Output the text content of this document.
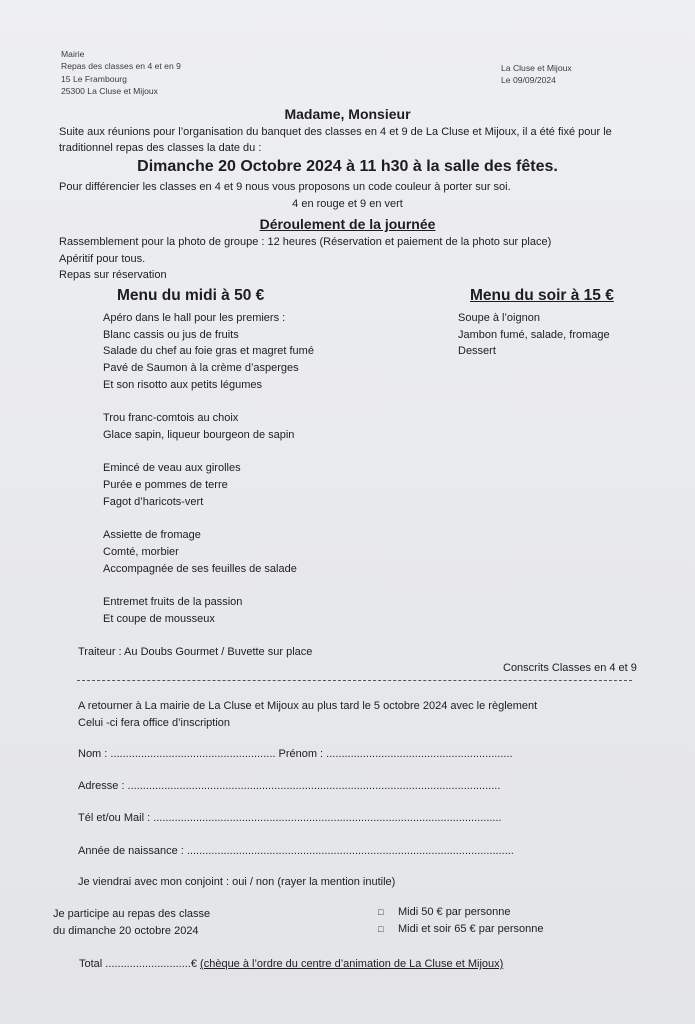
Mairie
Repas des classes en 4 et en 9
15 Le Frambourg
25300 La Cluse et Mijoux
La Cluse et Mijoux
Le 09/09/2024
Madame, Monsieur
Suite aux réunions pour l’organisation du banquet des classes en 4 et 9 de La Cluse et Mijoux, il a été fixé pour le traditionnel repas des classes la date du :
Dimanche 20 Octobre 2024 à 11 h30 à la salle des fêtes.
Pour différencier les classes en 4 et 9 nous vous proposons un code couleur à porter sur soi.
4 en rouge et 9 en vert
Déroulement de la journée
Rassemblement pour la photo de groupe : 12 heures (Réservation et paiement de la photo sur place)
Apéritif pour tous.
Repas sur réservation
Menu du midi à 50 €	Menu du soir à 15 €
Apéro dans le hall pour les premiers :
Blanc cassis ou jus de fruits
Salade du chef au foie gras et magret fumé
Pavé de Saumon à la crème d’asperges
Et son risotto aux petits légumes

Trou franc-comtois au choix
Glace sapin, liqueur bourgeon de sapin

Emincé de veau aux girolles
Purée e pommes de terre
Fagot d’haricots-vert

Assiette de fromage
Comté, morbier
Accompagnée de ses feuilles de salade

Entremet fruits de la passion
Et coupe de mousseux
Soupe à l’oignon
Jambon fumé, salade, fromage
Dessert
Traiteur : Au Doubs Gourmet / Buvette sur place
Conscrits Classes en 4 et 9
A retourner à La mairie de La Cluse et Mijoux au plus tard le 5 octobre 2024 avec le règlement
Celui -ci fera office d’inscription
Nom : ...................................................... Prénom : .............................................................
Adresse : ..........................................................................................................................
Tél et/ou Mail : ..................................................................................................................
Année de naissance : ...........................................................................................................
Je viendrai avec mon conjoint : oui / non (rayer la mention inutile)
Je participe au repas des classe
du dimanche 20 octobre 2024
□ Midi 50 € par personne
□ Midi et soir 65 € par personne
Total ............................€ (chèque à l’ordre du centre d’animation de La Cluse et Mijoux)
